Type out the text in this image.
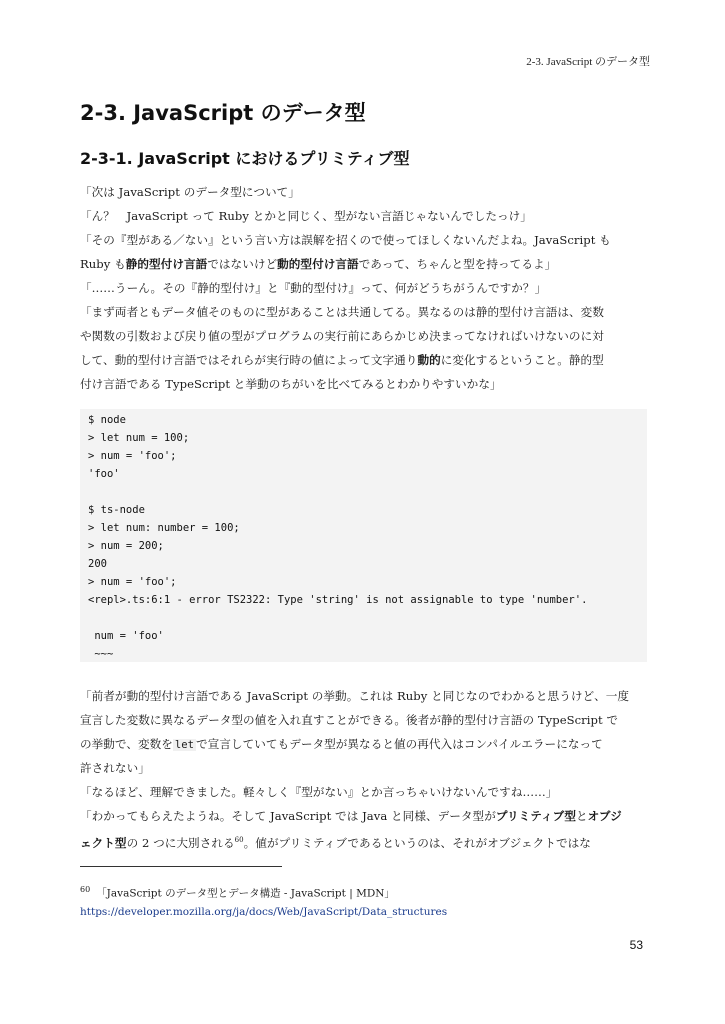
2-3. JavaScript のデータ型
2-3. JavaScript のデータ型
2-3-1. JavaScript におけるプリミティブ型
「次は JavaScript のデータ型について」
「ん？　JavaScript って Ruby とかと同じく、型がない言語じゃないんでしたっけ」
「その『型がある／ない』という言い方は誤解を招くので使ってほしくないんだよね。JavaScript も
Ruby も静的型付け言語ではないけど動的型付け言語であって、ちゃんと型を持ってるよ」
「……うーん。その『静的型付け』と『動的型付け』って、何がどうちがうんですか？」
「まず両者ともデータ値そのものに型があることは共通してる。異なるのは静的型付け言語は、変数
や関数の引数および戻り値の型がプログラムの実行前にあらかじめ決まってなければいけないのに対
して、動的型付け言語ではそれらが実行時の値によって文字通り動的に変化するということ。静的型
付け言語である TypeScript と挙動のちがいを比べてみるとわかりやすいかな」
$ node
> let num = 100;
> num = 'foo';
'foo'
$ ts-node
> let num: number = 100;
> num = 200;
200
> num = 'foo';
<repl>.ts:6:1 - error TS2322: Type 'string' is not assignable to type 'number'.
num = 'foo'
~~~
「前者が動的型付け言語である JavaScript の挙動。これは Ruby と同じなのでわかると思うけど、一度
宣言した変数に異なるデータ型の値を入れ直すことができる。後者が静的型付け言語の TypeScript で
の挙動で、変数を let で宣言していてもデータ型が異なると値の再代入はコンパイルエラーになって
許されない」
「なるほど、理解できました。軽々しく『型がない』とか言っちゃいけないんですね……」
「わかってもらえたようね。そして JavaScript では Java と同様、データ型がプリミティブ型とオブジ
ェクト型の 2 つに大別される$^{60}$。値がプリミティブであるというのは、それがオブジェクトではな
$^{60}$ 「JavaScript のデータ型とデータ構造 - JavaScript | MDN」
https://developer.mozilla.org/ja/docs/Web/JavaScript/Data_structures
53
